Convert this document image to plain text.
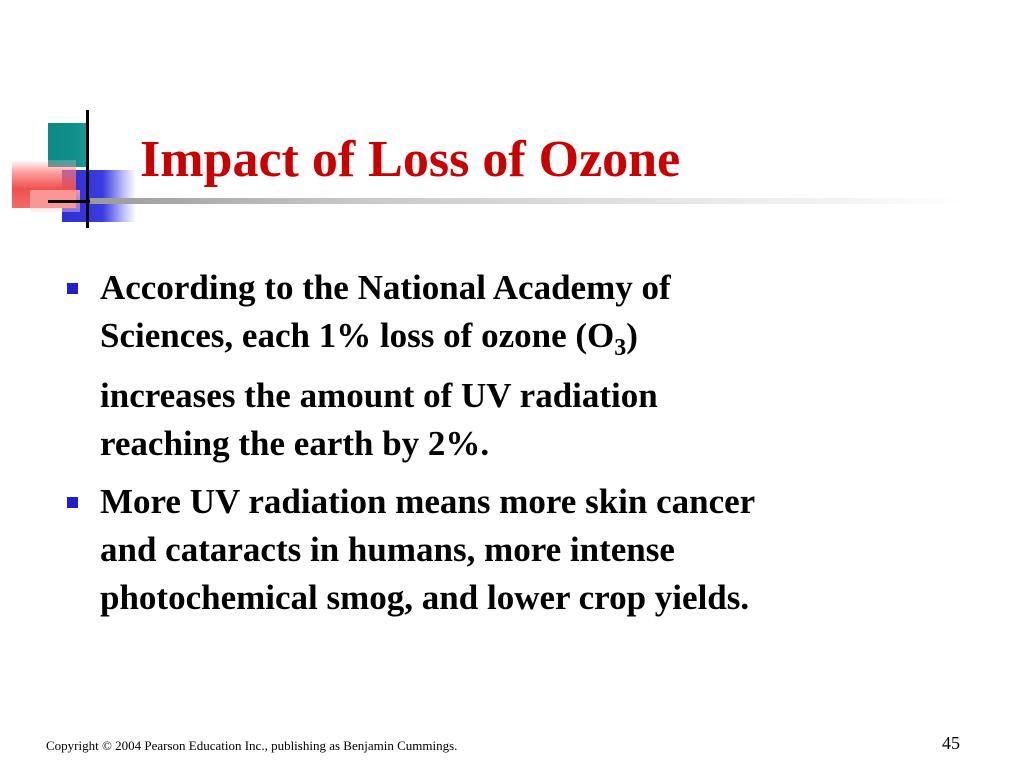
Impact of Loss of Ozone
According to the National Academy of Sciences, each 1% loss of ozone $(O_3)$ increases the amount of UV radiation reaching the earth by 2%.
More UV radiation means more skin cancer and cataracts in humans, more intense photochemical smog, and lower crop yields.
Copyright © 2004 Pearson Education Inc., publishing as Benjamin Cummings.	45
